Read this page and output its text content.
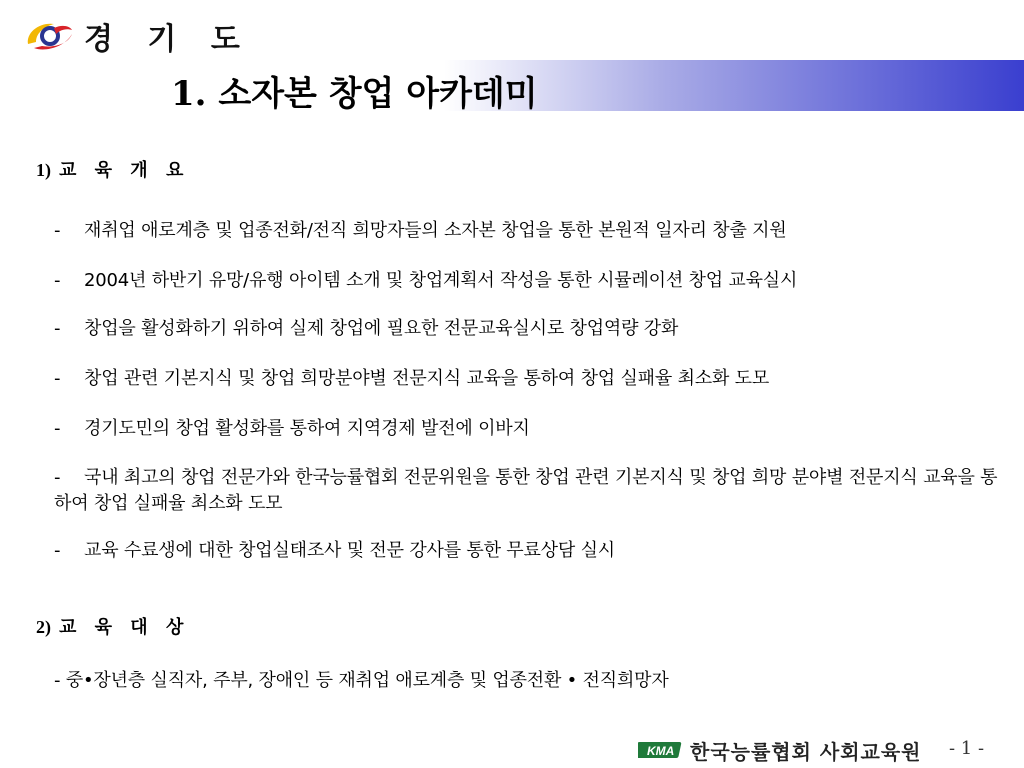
경 기 도
1. 소자본 창업 아카데미
1) 교 육 개 요
- 재취업 애로계층 및 업종전화/전직 희망자들의 소자본 창업을 통한 본원적 일자리 창출 지원
- 2004년 하반기 유망/유행 아이템 소개 및 창업계획서 작성을 통한 시뮬레이션 창업 교육실시
- 창업을 활성화하기 위하여 실제 창업에 필요한 전문교육실시로 창업역량 강화
- 창업 관련 기본지식 및 창업 희망분야별 전문지식 교육을 통하여 창업 실패율 최소화 도모
- 경기도민의 창업 활성화를 통하여 지역경제 발전에 이바지
- 국내 최고의 창업 전문가와 한국능률협회 전문위원을 통한 창업 관련 기본지식 및 창업 희망 분야별 전문지식 교육을 통하여 창업 실패율 최소화 도모
- 교육 수료생에 대한 창업실태조사 및 전문 강사를 통한 무료상담 실시
2) 교 육 대 상
- 중•장년층 실직자, 주부, 장애인 등 재취업 애로계층 및 업종전환 • 전직희망자
KMA 한국능률협회 사회교육원 - 1 -
